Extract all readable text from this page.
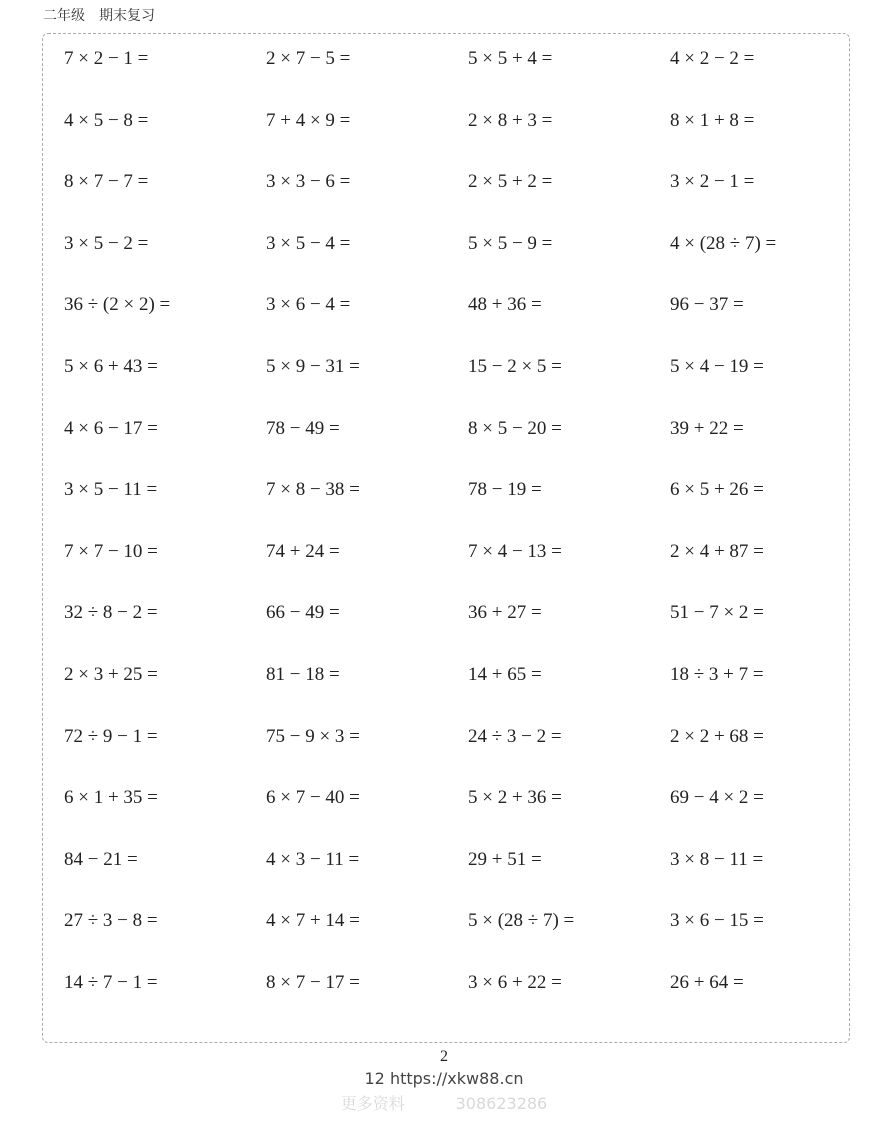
二年级 期末复习
7 × 2 − 1 =	2 × 7 − 5 =	5 × 5 + 4 =	4 × 2 − 2 =
4 × 5 − 8 =	7 + 4 × 9 =	2 × 8 + 3 =	8 × 1 + 8 =
8 × 7 − 7 =	3 × 3 − 6 =	2 × 5 + 2 =	3 × 2 − 1 =
3 × 5 − 2 =	3 × 5 − 4 =	5 × 5 − 9 =	4 × (28 ÷ 7) =
36 ÷ (2 × 2) =	3 × 6 − 4 =	48 + 36 =	96 − 37 =
5 × 6 + 43 =	5 × 9 − 31 =	15 − 2 × 5 =	5 × 4 − 19 =
4 × 6 − 17 =	78 − 49 =	8 × 5 − 20 =	39 + 22 =
3 × 5 − 11 =	7 × 8 − 38 =	78 − 19 =	6 × 5 + 26 =
7 × 7 − 10 =	74 + 24 =	7 × 4 − 13 =	2 × 4 + 87 =
32 ÷ 8 − 2 =	66 − 49 =	36 + 27 =	51 − 7 × 2 =
2 × 3 + 25 =	81 − 18 =	14 + 65 =	18 ÷ 3 + 7 =
72 ÷ 9 − 1 =	75 − 9 × 3 =	24 ÷ 3 − 2 =	2 × 2 + 68 =
6 × 1 + 35 =	6 × 7 − 40 =	5 × 2 + 36 =	69 − 4 × 2 =
84 − 21 =	4 × 3 − 11 =	29 + 51 =	3 × 8 − 11 =
27 ÷ 3 − 8 =	4 × 7 + 14 =	5 × (28 ÷ 7) =	3 × 6 − 15 =
14 ÷ 7 − 1 =	8 × 7 − 17 =	3 × 6 + 22 =	26 + 64 =
2
12 https://xkw88.cn
更多资料          308623286
